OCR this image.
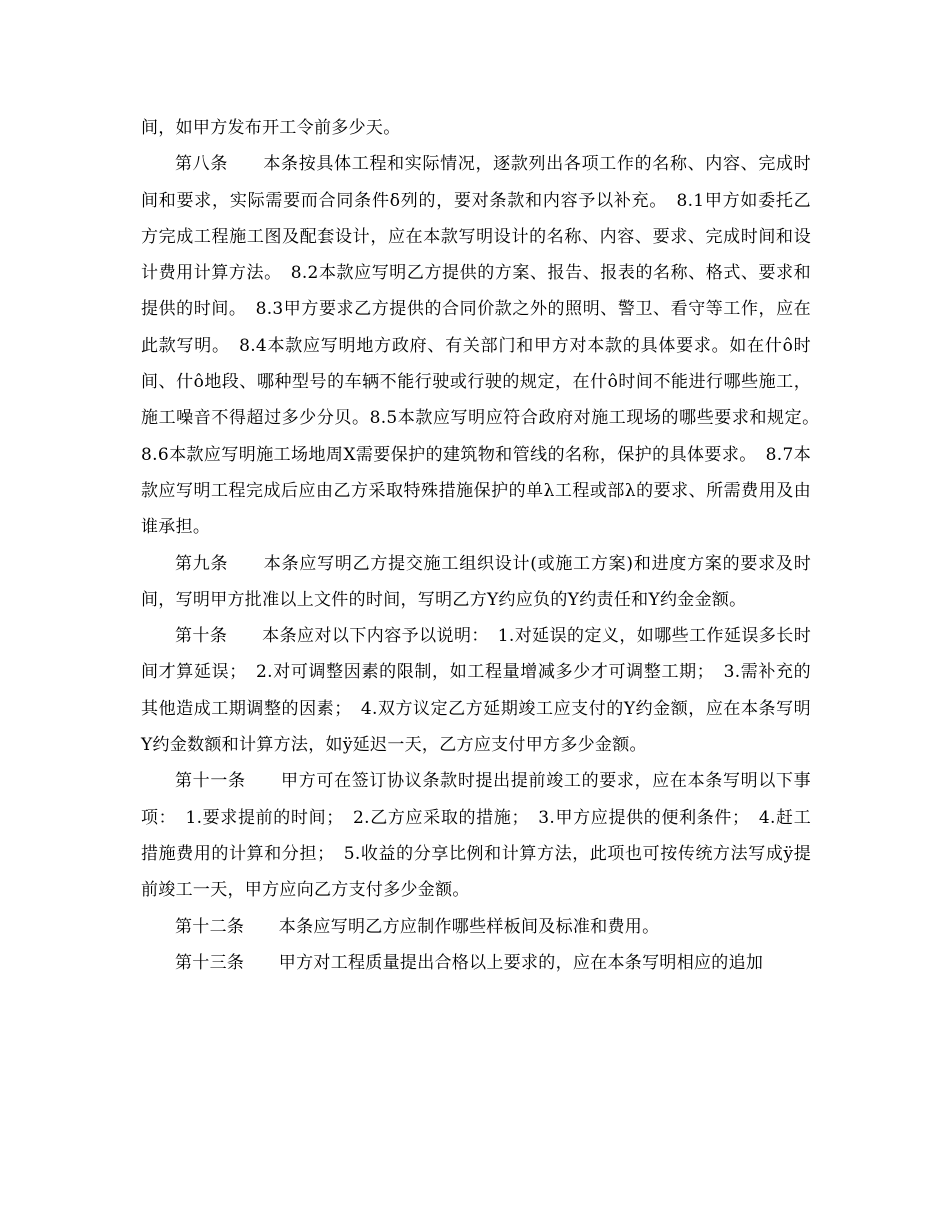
间，如甲方发布开工令前多少天。

第八条　　本条按具体工程和实际情况，逐款列出各项工作的名称、内容、完成时间和要求，实际需要而合同条件δ列的，要对条款和内容予以补充。　8.1甲方如委托乙方完成工程施工图及配套设计，应在本款写明设计的名称、内容、要求、完成时间和设计费用计算方法。　8.2本款应写明乙方提供的方案、报告、报表的名称、格式、要求和提供的时间。　8.3甲方要求乙方提供的合同价款之外的照明、警卫、看守等工作，应在此款写明。　8.4本款应写明地方政府、有关部门和甲方对本款的具体要求。如在什ô时间、什ô地段、哪种型号的车辆不能行驶或行驶的规定，在什ô时间不能进行哪些施工，施工噪音不得超过多少分贝。8.5本款应写明应符合政府对施工现场的哪些要求和规定。　8.6本款应写明施工场地周X需要保护的建筑物和管线的名称，保护的具体要求。　8.7本款应写明工程完成后应由乙方采取特殊措施保护的单λ工程或部λ的要求、所需费用及由谁承担。

第九条　　本条应写明乙方提交施工组织设计(或施工方案)和进度方案的要求及时间，写明甲方批准以上文件的时间，写明乙方Υ约应负的Υ约责任和Υ约金金额。

第十条　　本条应对以下内容予以说明：　1.对延误的定义，如哪些工作延误多长时间才算延误；　2.对可调整因素的限制，如工程量增减多少才可调整工期；　3.需补充的其他造成工期调整的因素；　4.双方议定乙方延期竣工应支付的Υ约金额，应在本条写明Υ约金数额和计算方法，如ÿ延迟一天，乙方应支付甲方多少金额。

第十一条　　甲方可在签订协议条款时提出提前竣工的要求，应在本条写明以下事项：　1.要求提前的时间；　2.乙方应采取的措施；　3.甲方应提供的便利条件；　4.赶工措施费用的计算和分担；　5.收益的分享比例和计算方法，此项也可按传统方法写成ÿ提前竣工一天，甲方应向乙方支付多少金额。

第十二条　　本条应写明乙方应制作哪些样板间及标准和费用。

第十三条　　甲方对工程质量提出合格以上要求的，应在本条写明相应的追加
